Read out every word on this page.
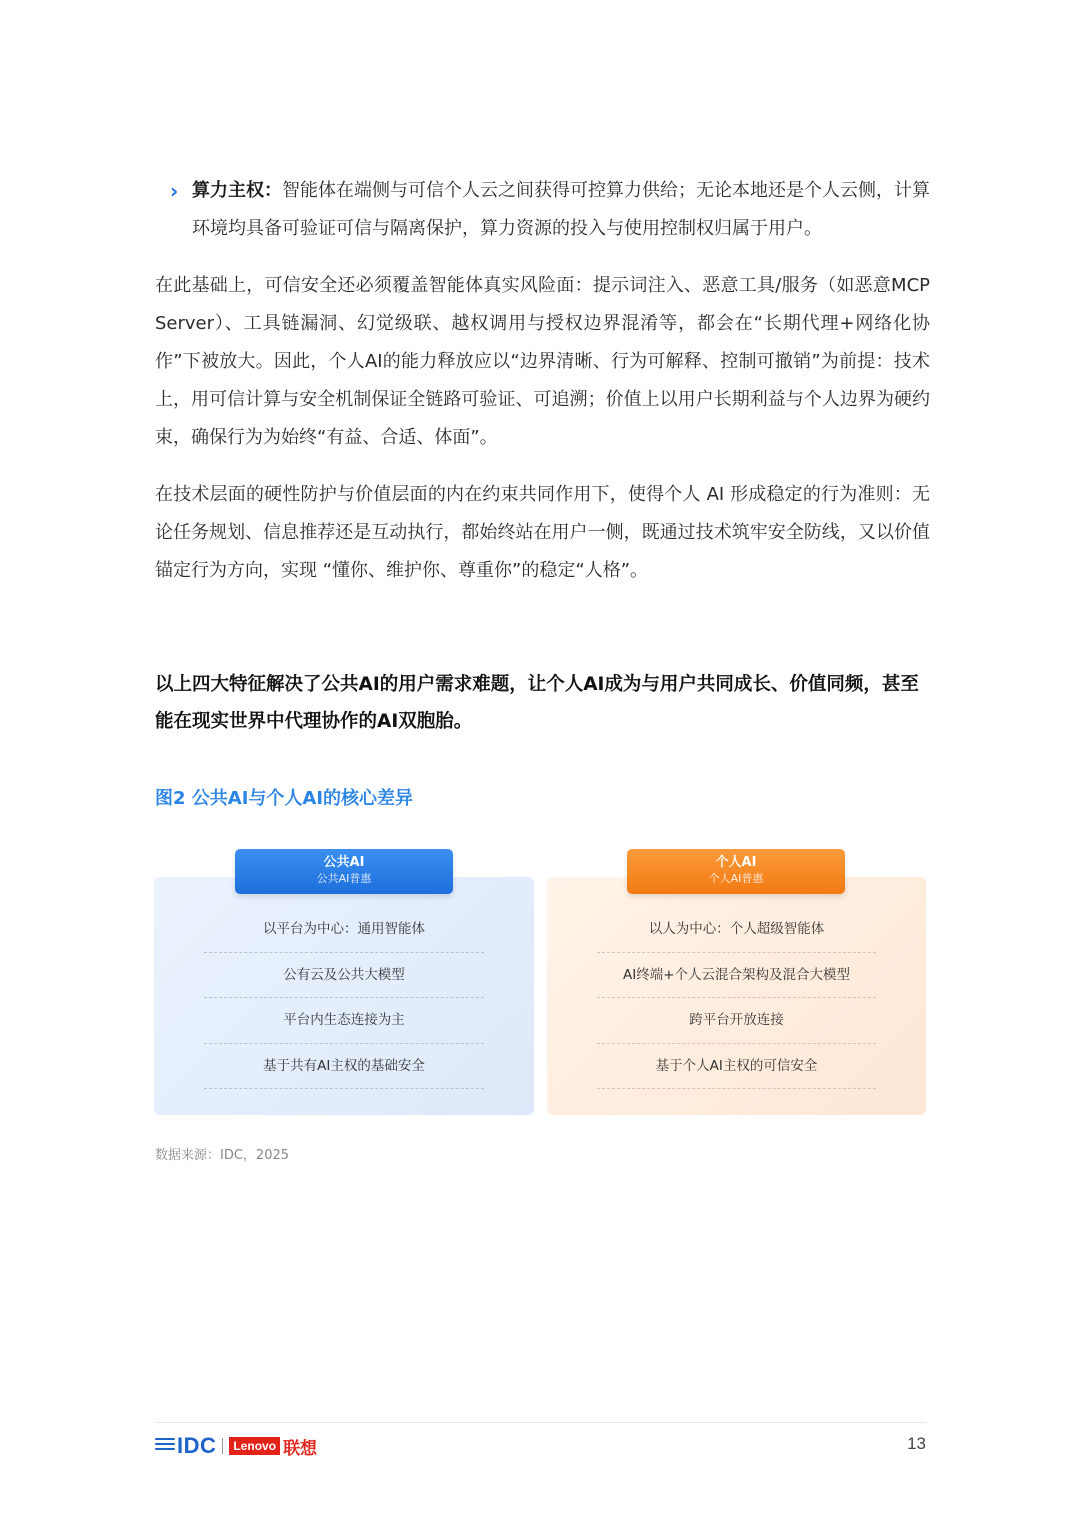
› 算力主权：智能体在端侧与可信个人云之间获得可控算力供给；无论本地还是个人云侧，计算环境均具备可验证可信与隔离保护，算力资源的投入与使用控制权归属于用户。

在此基础上，可信安全还必须覆盖智能体真实风险面：提示词注入、恶意工具/服务（如恶意MCP Server）、工具链漏洞、幻觉级联、越权调用与授权边界混淆等，都会在“长期代理+网络化协作”下被放大。因此，个人AI的能力释放应以“边界清晰、行为可解释、控制可撤销”为前提：技术上，用可信计算与安全机制保证全链路可验证、可追溯；价值上以用户长期利益与个人边界为硬约束，确保行为为始终“有益、合适、体面”。

在技术层面的硬性防护与价值层面的内在约束共同作用下，使得个人 AI 形成稳定的行为准则：无论任务规划、信息推荐还是互动执行，都始终站在用户一侧，既通过技术筑牢安全防线，又以价值锚定行为方向，实现 “懂你、维护你、尊重你”的稳定“人格”。

以上四大特征解决了公共AI的用户需求难题，让个人AI成为与用户共同成长、价值同频，甚至能在现实世界中代理协作的AI双胞胎。

图2 公共AI与个人AI的核心差异
公共AI
公共AI普惠
以平台为中心：通用智能体
公有云及公共大模型
平台内生态连接为主
基于共有AI主权的基础安全
个人AI
个人AI普惠
以人为中心：个人超级智能体
AI终端+个人云混合架构及混合大模型
跨平台开放连接
基于个人AI主权的可信安全
数据来源：IDC，2025
IDC	Lenovo 联想	13
